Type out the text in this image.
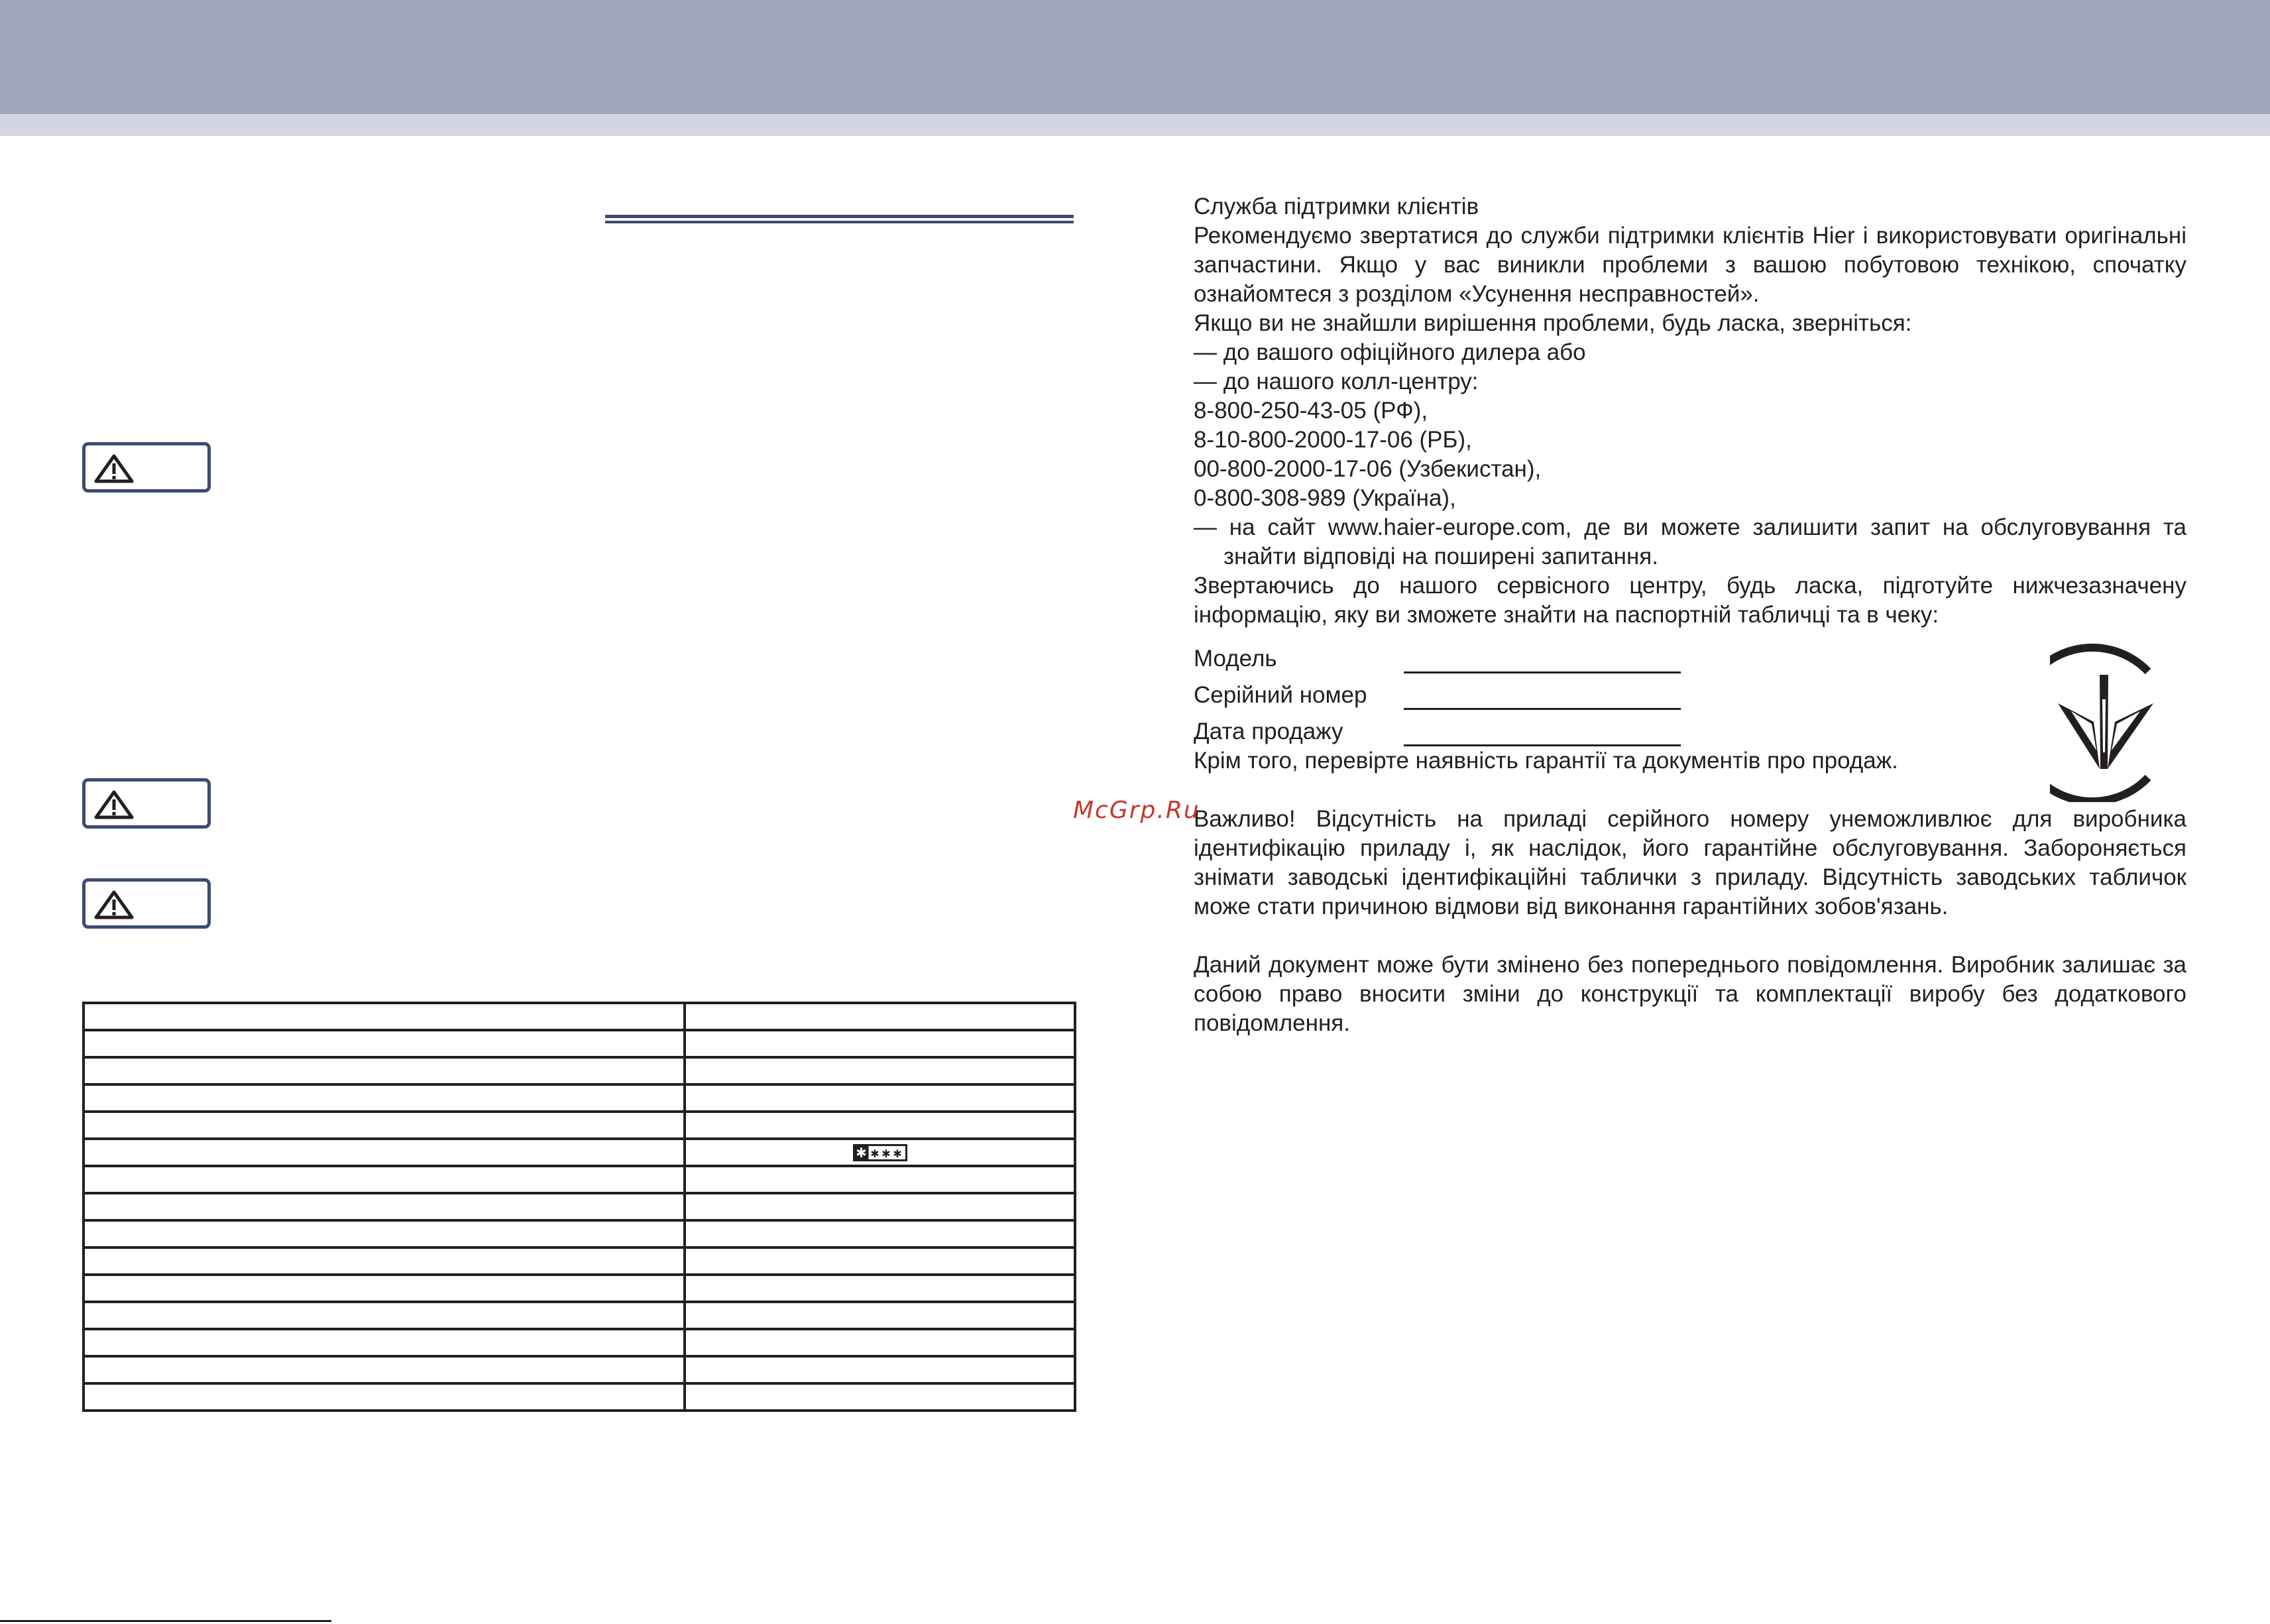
✱ ✱ ✱ ✱

Служба підтримки клієнтів

Рекомендуємо звертатися до служби підтримки клієнтів Hier і використовувати оригінальні запчастини. Якщо у вас виникли проблеми з вашою побутовою технікою, спочатку ознайомтеся з розділом «Усунення несправностей».

Якщо ви не знайшли вирішення проблеми, будь ласка, зверніться:

— до вашого офіційного дилера або

— до нашого колл-центру:

8-800-250-43-05 (РФ),

8-10-800-2000-17-06 (РБ),

00-800-2000-17-06 (Узбекистан),

0-800-308-989 (Україна),

— на сайт www.haier-europe.com, де ви можете залишити запит на обслуговування та знайти відповіді на поширені запитання.

Звертаючись до нашого сервісного центру, будь ласка, підготуйте нижчезазначену інформацію, яку ви зможете знайти на паспортній табличці та в чеку:

Модель
Серійний номер
Дата продажу

Крім того, перевірте наявність гарантії та документів про продаж.

Важливо! Відсутність на приладі серійного номеру унеможливлює для виробника ідентифікацію приладу і, як наслідок, його гарантійне обслуговування. Забороняється знімати заводські ідентифікаційні таблички з приладу. Відсутність заводських табличок може стати причиною відмови від виконання гарантійних зобов'язань.

Даний документ може бути змінено без попереднього повідомлення. Виробник залишає за собою право вносити зміни до конструкції та комплектації виробу без додаткового повідомлення.

McGrp.Ru
